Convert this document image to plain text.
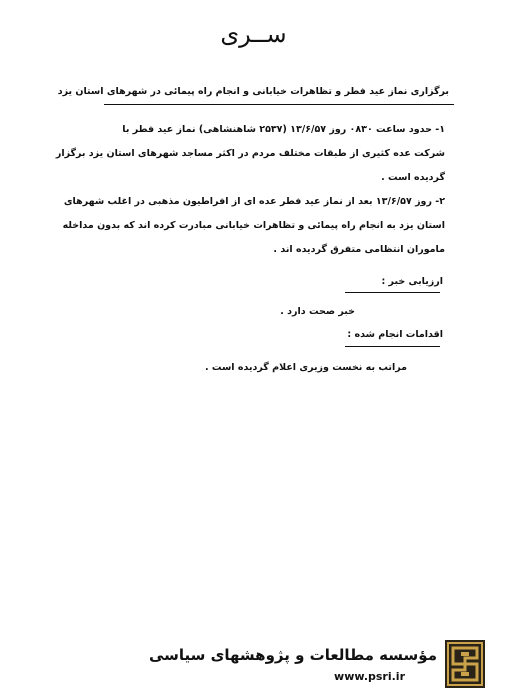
ســری
برگزاری نماز عید فطر و تظاهرات خیابانی و انجام راه پیمائی در شهرهای استان یزد
۱- حدود ساعت ۰۸۳۰ روز ۱۳/۶/۵۷ (۲۵۳۷ شاهنشاهی) نماز عید فطر با
شرکت عده کثیری از طبقات مختلف مردم در اکثر مساجد شهرهای استان یزد برگزار
گردیده است .
۲- روز ۱۳/۶/۵۷ بعد از نماز عید فطر عده ای از افراطیون مذهبی در اغلب شهرهای
استان یزد به انجام راه پیمائی و تظاهرات خیابانی مبادرت کرده اند که بدون مداخله
ماموران انتظامی متفرق گردیده اند .
ارزیابی خبر :
خبر صحت دارد .
اقدامات انجام شده :
مراتب به نخست وزیری اعلام گردیده است .
مؤسسه مطالعات و پژوهشهای سیاسی
www.psri.ir
